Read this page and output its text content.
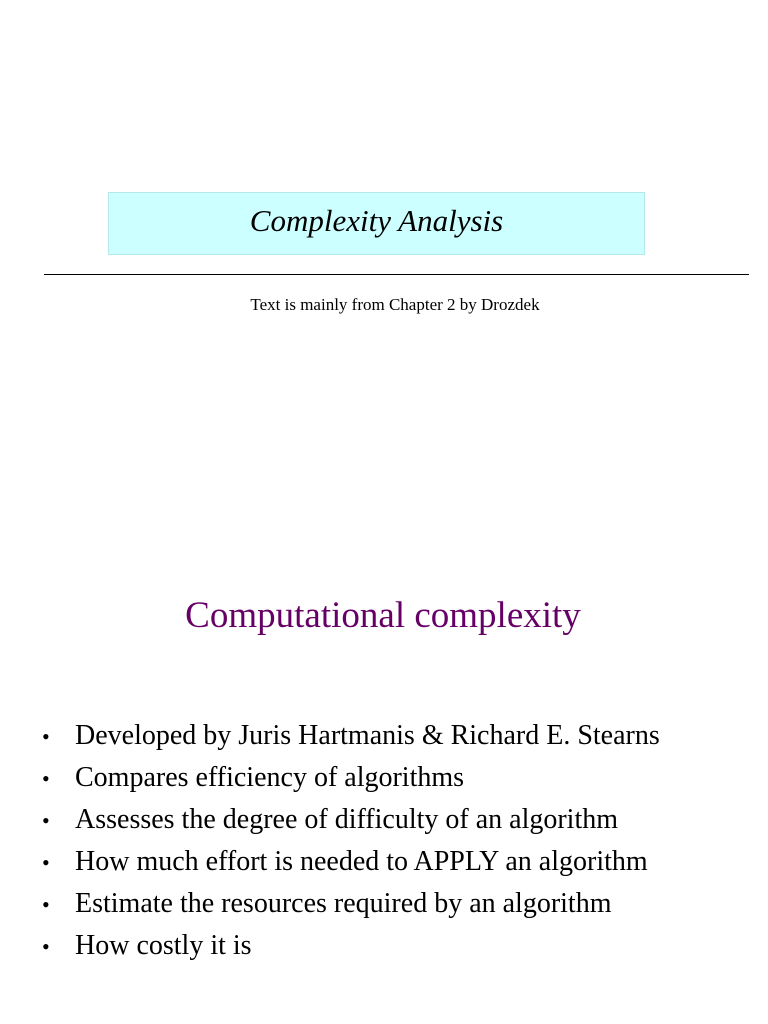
Complexity Analysis
Text is mainly from Chapter 2 by Drozdek
Computational complexity
• Developed by Juris Hartmanis & Richard E. Stearns
• Compares efficiency of algorithms
• Assesses the degree of difficulty of an algorithm
• How much effort is needed to APPLY an algorithm
• Estimate the resources required by an algorithm
• How costly it is
